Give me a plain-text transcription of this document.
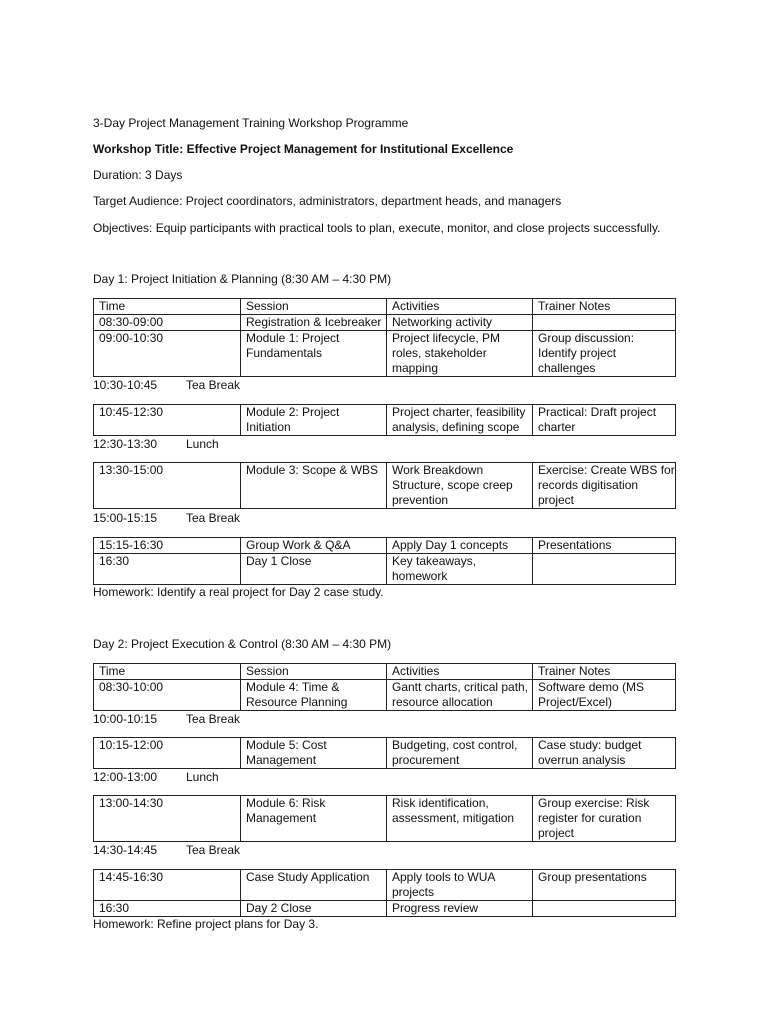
3-Day Project Management Training Workshop Programme
Workshop Title: Effective Project Management for Institutional Excellence
Duration: 3 Days
Target Audience: Project coordinators, administrators, department heads, and managers
Objectives: Equip participants with practical tools to plan, execute, monitor, and close projects successfully.
Day 1: Project Initiation & Planning (8:30 AM – 4:30 PM)
Time	Session	Activities	Trainer Notes
08:30-09:00	Registration & Icebreaker	Networking activity	
09:00-10:30	Module 1: Project Fundamentals	Project lifecycle, PM roles, stakeholder mapping	Group discussion: Identify project challenges
10:30-10:45 Tea Break
10:45-12:30	Module 2: Project Initiation	Project charter, feasibility analysis, defining scope	Practical: Draft project charter
12:30-13:30 Lunch
13:30-15:00	Module 3: Scope & WBS	Work Breakdown Structure, scope creep prevention	Exercise: Create WBS for records digitisation project
15:00-15:15 Tea Break
15:15-16:30	Group Work & Q&A	Apply Day 1 concepts	Presentations
16:30	Day 1 Close	Key takeaways, homework	
Homework: Identify a real project for Day 2 case study.
Day 2: Project Execution & Control (8:30 AM – 4:30 PM)
Time	Session	Activities	Trainer Notes
08:30-10:00	Module 4: Time & Resource Planning	Gantt charts, critical path, resource allocation	Software demo (MS Project/Excel)
10:00-10:15 Tea Break
10:15-12:00	Module 5: Cost Management	Budgeting, cost control, procurement	Case study: budget overrun analysis
12:00-13:00 Lunch
13:00-14:30	Module 6: Risk Management	Risk identification, assessment, mitigation	Group exercise: Risk register for curation project
14:30-14:45 Tea Break
14:45-16:30	Case Study Application	Apply tools to WUA projects	Group presentations
16:30	Day 2 Close	Progress review	
Homework: Refine project plans for Day 3.
